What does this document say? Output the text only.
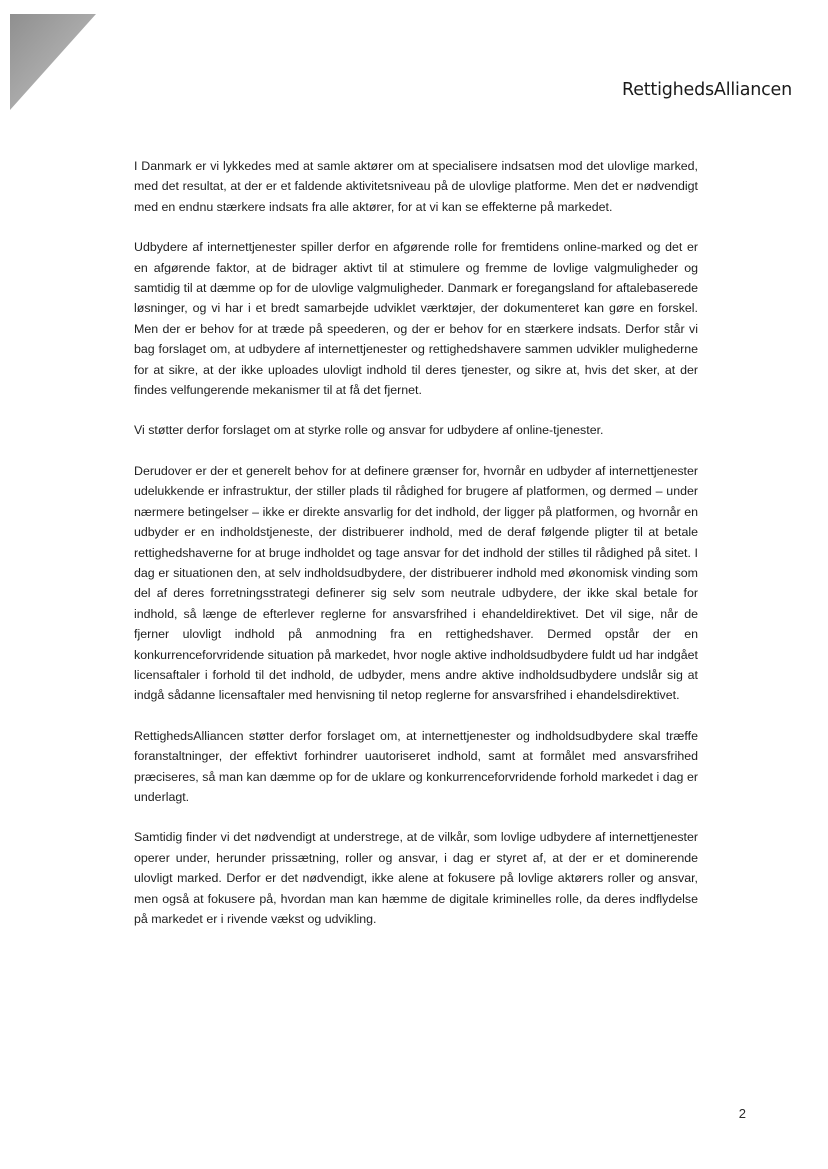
RettighedsAlliancen

I Danmark er vi lykkedes med at samle aktører om at specialisere indsatsen mod det ulovlige marked, med det resultat, at der er et faldende aktivitetsniveau på de ulovlige platforme. Men det er nødvendigt med en endnu stærkere indsats fra alle aktører, for at vi kan se effekterne på markedet.

Udbydere af internettjenester spiller derfor en afgørende rolle for fremtidens online-marked og det er en afgørende faktor, at de bidrager aktivt til at stimulere og fremme de lovlige valgmuligheder og samtidig til at dæmme op for de ulovlige valgmuligheder. Danmark er foregangsland for aftalebaserede løsninger, og vi har i et bredt samarbejde udviklet værktøjer, der dokumenteret kan gøre en forskel. Men der er behov for at træde på speederen, og der er behov for en stærkere indsats. Derfor står vi bag forslaget om, at udbydere af internettjenester og rettighedshavere sammen udvikler mulighederne for at sikre, at der ikke uploades ulovligt indhold til deres tjenester, og sikre at, hvis det sker, at der findes velfungerende mekanismer til at få det fjernet.

Vi støtter derfor forslaget om at styrke rolle og ansvar for udbydere af online-tjenester.

Derudover er der et generelt behov for at definere grænser for, hvornår en udbyder af internettjenester udelukkende er infrastruktur, der stiller plads til rådighed for brugere af platformen, og dermed – under nærmere betingelser – ikke er direkte ansvarlig for det indhold, der ligger på platformen, og hvornår en udbyder er en indholdstjeneste, der distribuerer indhold, med de deraf følgende pligter til at betale rettighedshaverne for at bruge indholdet og tage ansvar for det indhold der stilles til rådighed på sitet. I dag er situationen den, at selv indholdsudbydere, der distribuerer indhold med økonomisk vinding som del af deres forretningsstrategi definerer sig selv som neutrale udbydere, der ikke skal betale for indhold, så længe de efterlever reglerne for ansvarsfrihed i ehandeldirektivet. Det vil sige, når de fjerner ulovligt indhold på anmodning fra en rettighedshaver. Dermed opstår der en konkurrenceforvridende situation på markedet, hvor nogle aktive indholdsudbydere fuldt ud har indgået licensaftaler i forhold til det indhold, de udbyder, mens andre aktive indholdsudbydere undslår sig at indgå sådanne licensaftaler med henvisning til netop reglerne for ansvarsfrihed i ehandelsdirektivet.

RettighedsAlliancen støtter derfor forslaget om, at internettjenester og indholdsudbydere skal træffe foranstaltninger, der effektivt forhindrer uautoriseret indhold, samt at formålet med ansvarsfrihed præciseres, så man kan dæmme op for de uklare og konkurrenceforvridende forhold markedet i dag er underlagt.

Samtidig finder vi det nødvendigt at understrege, at de vilkår, som lovlige udbydere af internettjenester operer under, herunder prissætning, roller og ansvar, i dag er styret af, at der er et dominerende ulovligt marked. Derfor er det nødvendigt, ikke alene at fokusere på lovlige aktørers roller og ansvar, men også at fokusere på, hvordan man kan hæmme de digitale kriminelles rolle, da deres indflydelse på markedet er i rivende vækst og udvikling.

2
